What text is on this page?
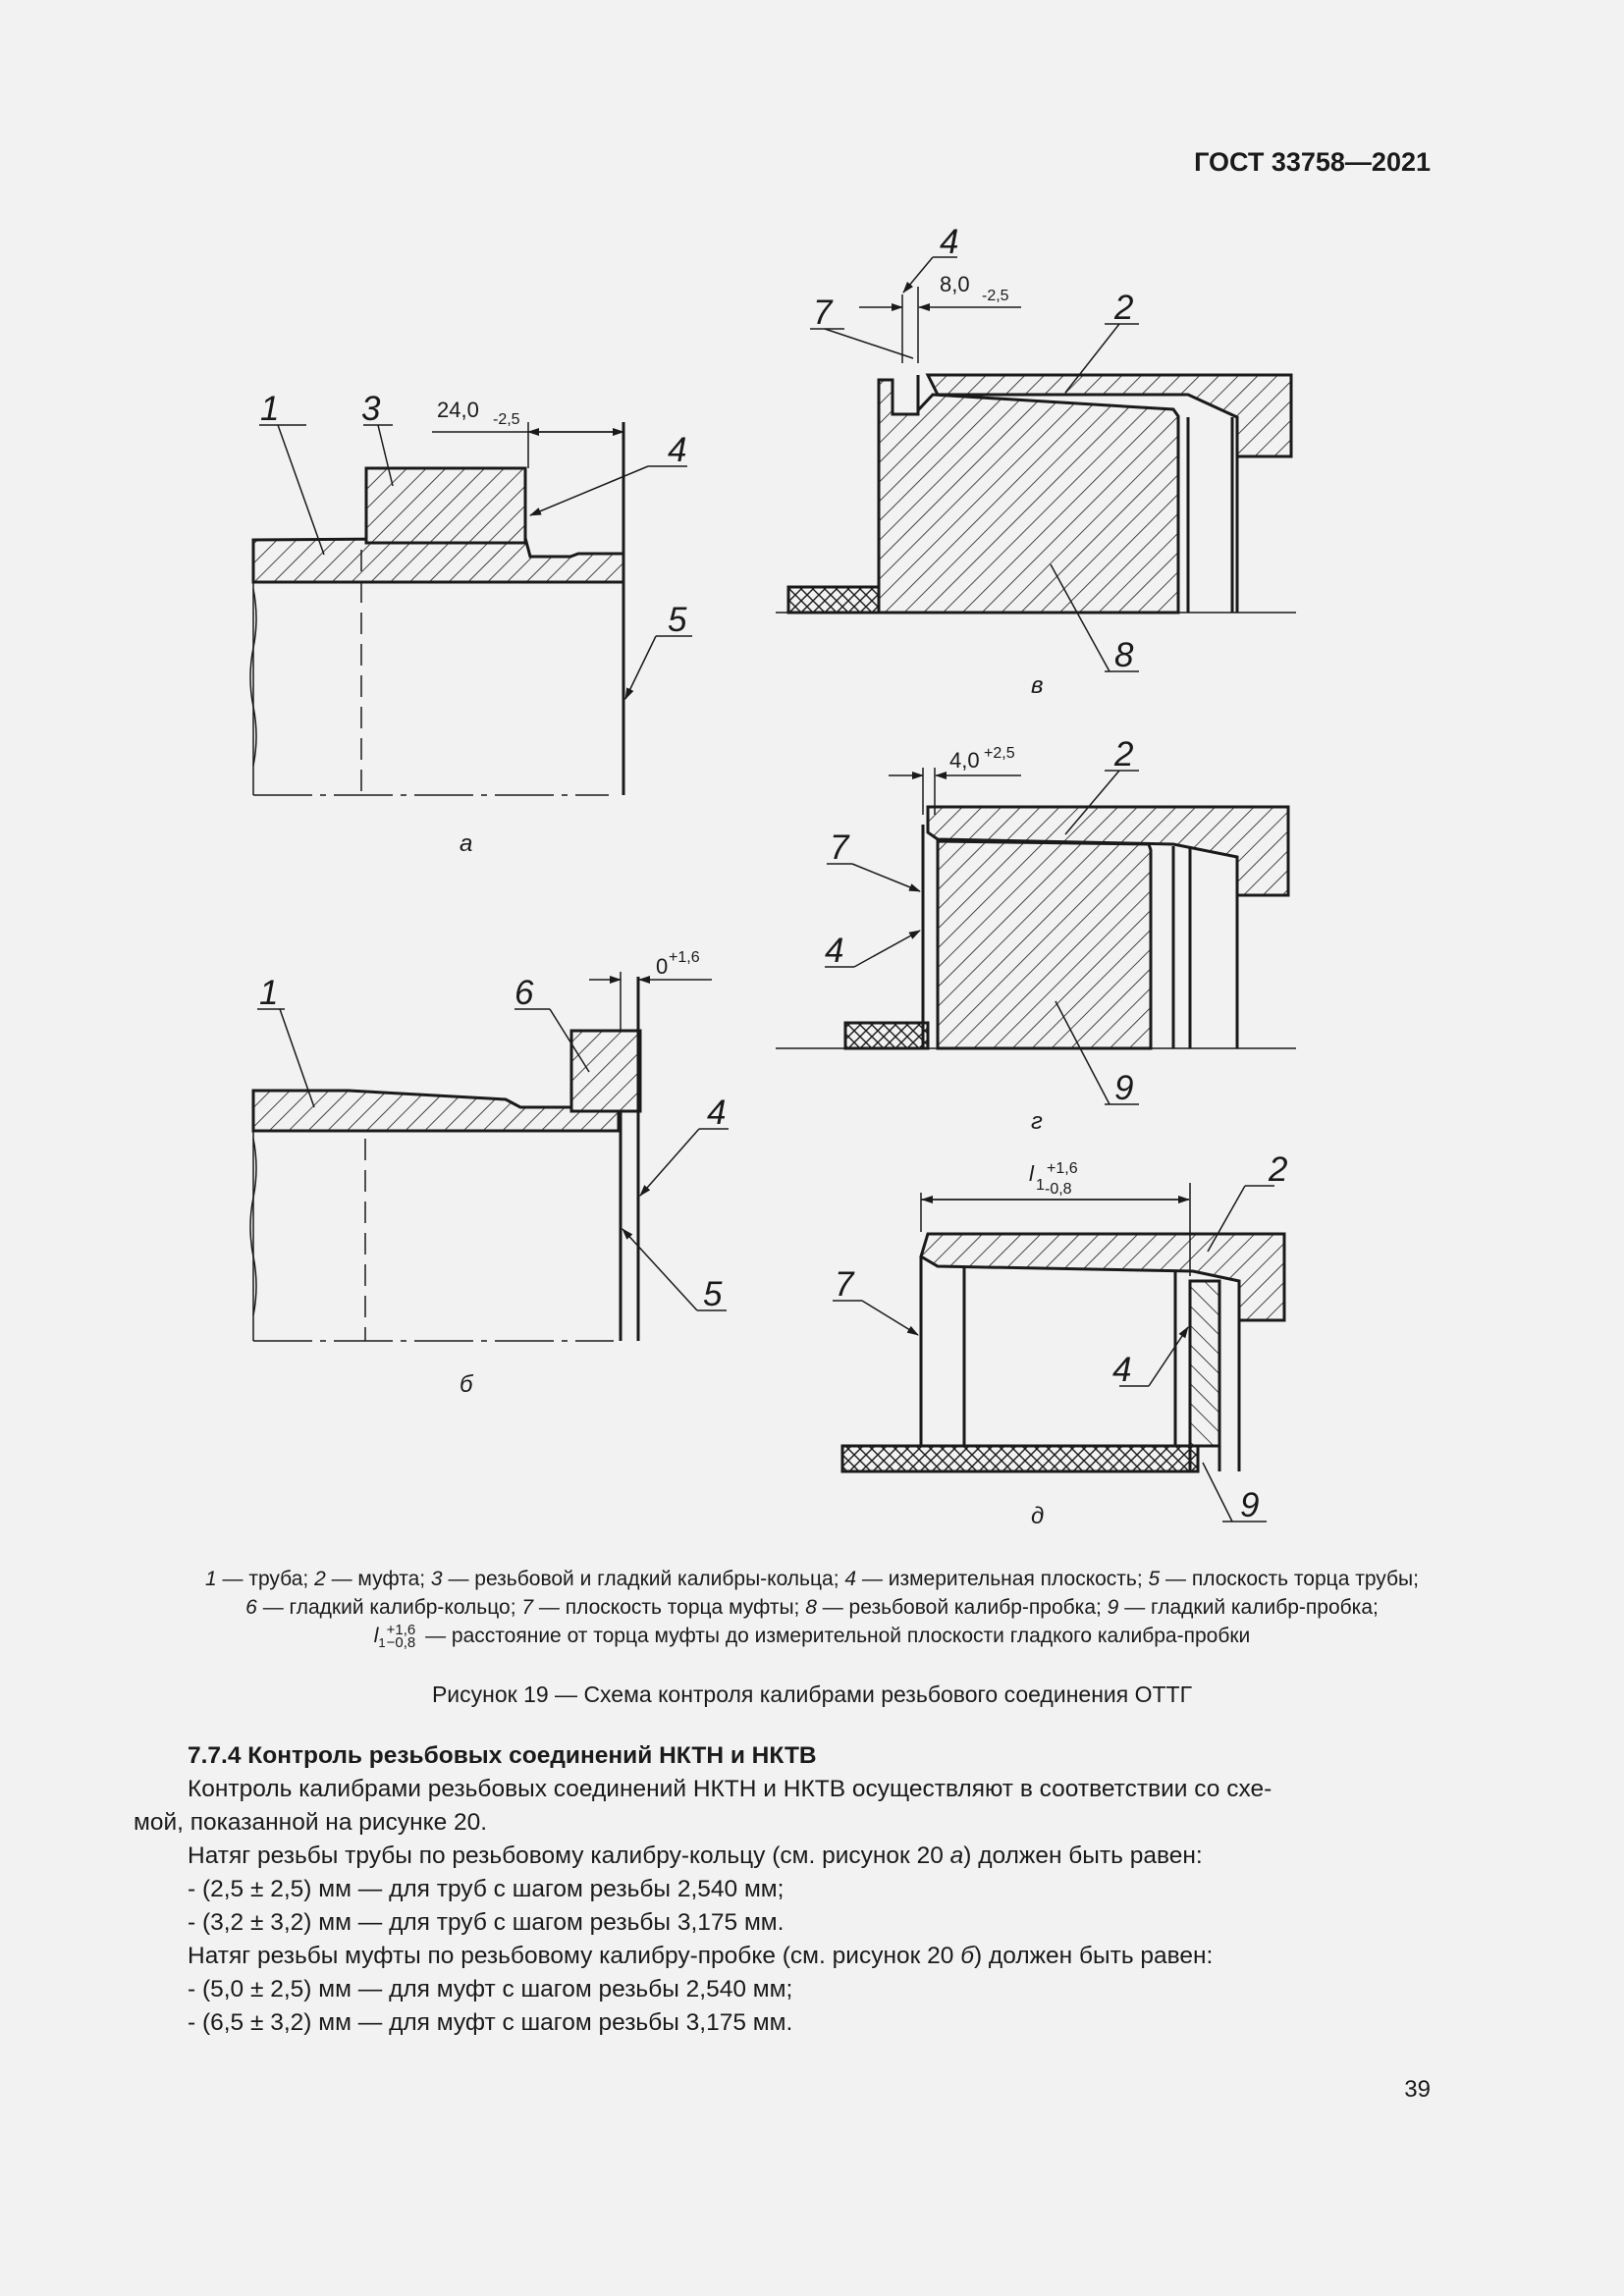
ГОСТ 33758—2021
24,0 -2,5
8,0 -2,5
4,0 +2,5
0 +1,6
l 1
+1,6
-0,8
1 3
4
5
1	6
4
5
4
7	2
8
2
7
4
9
2
7
4
9
а
б
в
г
д
1 — труба; 2 — муфта; 3 — резьбовой и гладкий калибры-кольца; 4 — измерительная плоскость; 5 — плоскость торца трубы;
6 — гладкий калибр-кольцо; 7 — плоскость торца муфты; 8 — резьбовой калибр-пробка; 9 — гладкий калибр-пробка;
$l_1+1,6$
−0,8 — расстояние от торца муфты до измерительной плоскости гладкого калибра-пробки
Рисунок 19 — Схема контроля калибрами резьбового соединения ОТТГ
7.7.4 Контроль резьбовых соединений НКТН и НКТВ
Контроль калибрами резьбовых соединений НКТН и НКТВ осуществляют в соответствии со схе-
мой, показанной на рисунке 20.
Натяг резьбы трубы по резьбовому калибру-кольцу (см. рисунок 20 а) должен быть равен:
- (2,5 ± 2,5) мм — для труб с шагом резьбы 2,540 мм;
- (3,2 ± 3,2) мм — для труб с шагом резьбы 3,175 мм.
Натяг резьбы муфты по резьбовому калибру-пробке (см. рисунок 20 б) должен быть равен:
- (5,0 ± 2,5) мм — для муфт с шагом резьбы 2,540 мм;
- (6,5 ± 3,2) мм — для муфт с шагом резьбы 3,175 мм.
39
